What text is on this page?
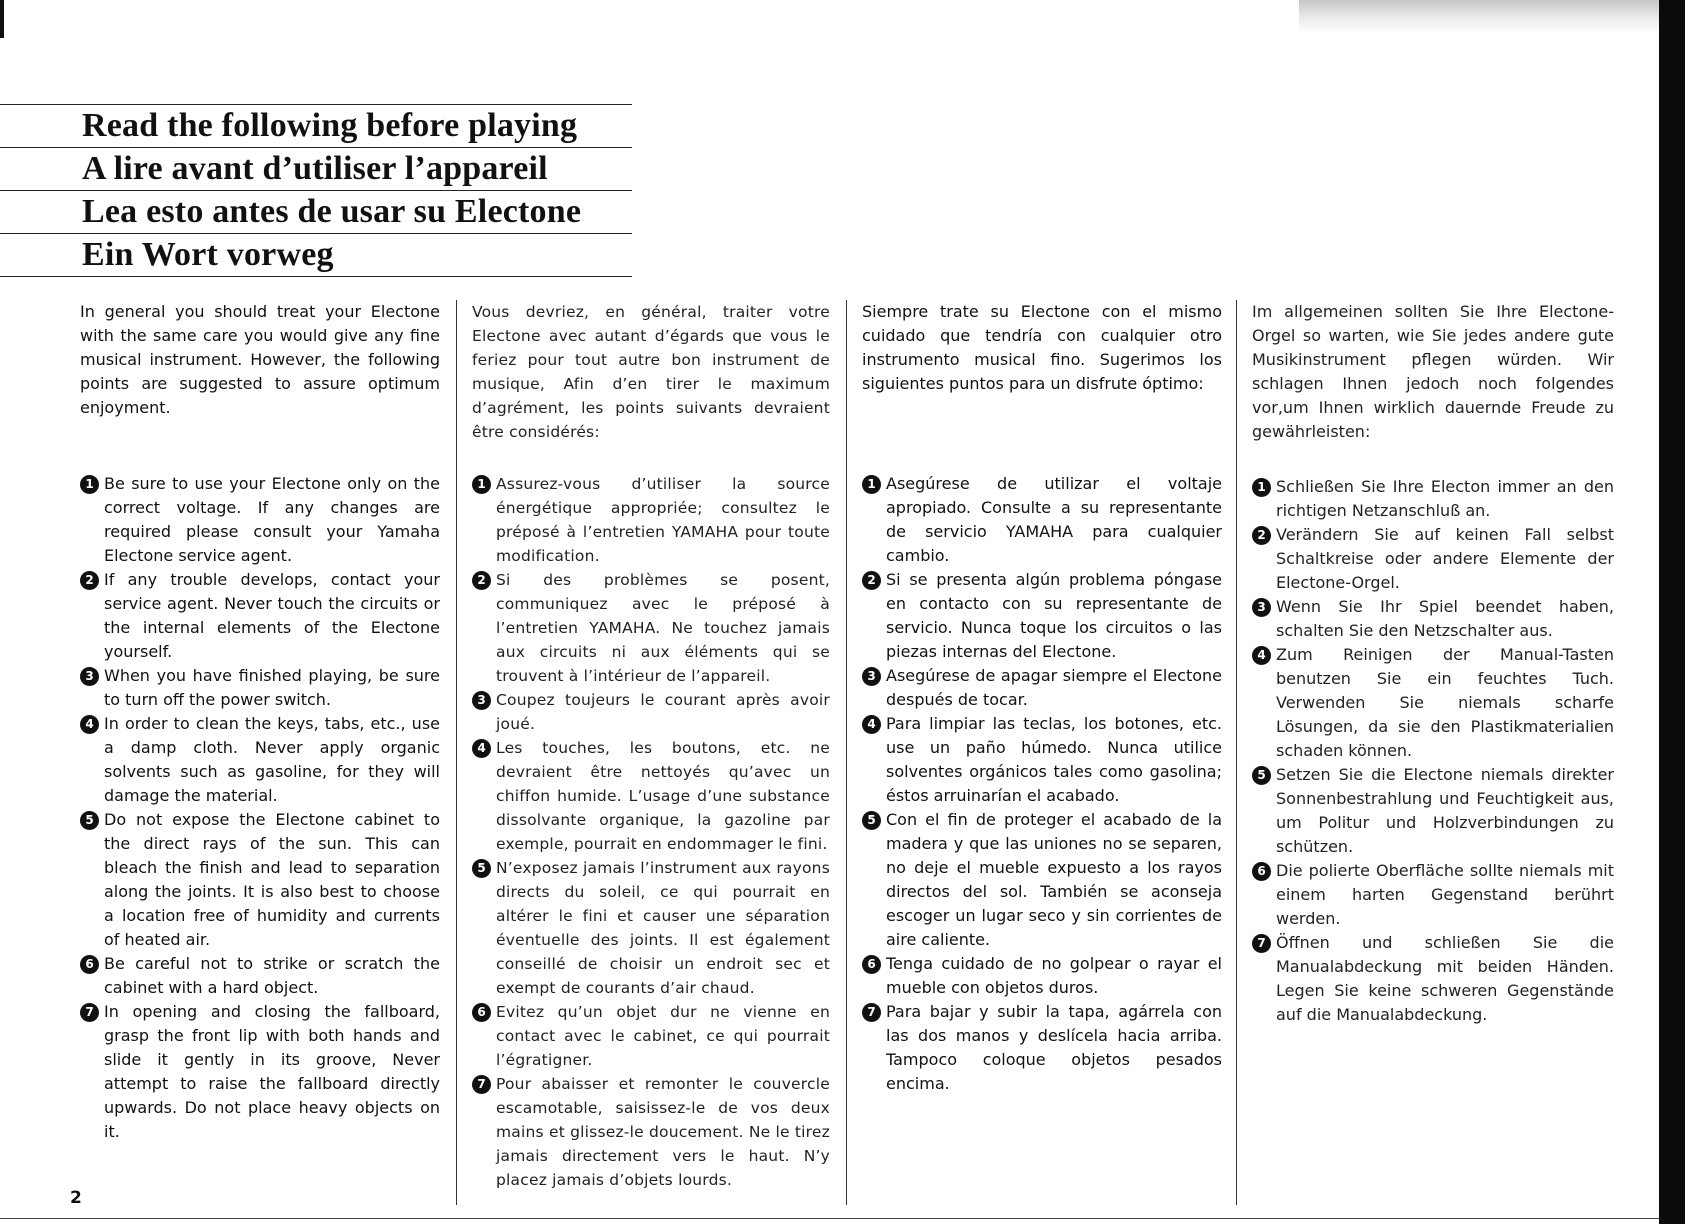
Read the following before playing
A lire avant d’utiliser l’appareil
Lea esto antes de usar su Electone
Ein Wort vorweg

In general you should treat your Electone with the same care you would give any fine musical instrument. However, the following points are suggested to assure optimum enjoyment.

1 Be sure to use your Electone only on the correct voltage. If any changes are required please consult your Yamaha Electone service agent.
2 If any trouble develops, contact your service agent. Never touch the circuits or the internal elements of the Electone yourself.
3 When you have finished playing, be sure to turn off the power switch.
4 In order to clean the keys, tabs, etc., use a damp cloth. Never apply organic solvents such as gasoline, for they will damage the material.
5 Do not expose the Electone cabinet to the direct rays of the sun. This can bleach the finish and lead to separation along the joints. It is also best to choose a location free of humidity and currents of heated air.
6 Be careful not to strike or scratch the cabinet with a hard object.
7 In opening and closing the fallboard, grasp the front lip with both hands and slide it gently in its groove, Never attempt to raise the fallboard directly upwards. Do not place heavy objects on it.

Vous devriez, en général, traiter votre Electone avec autant d’égards que vous le feriez pour tout autre bon instrument de musique, Afin d’en tirer le maximum d’agrément, les points suivants devraient être considérés:

1 Assurez-vous d’utiliser la source énergétique appropriée; consultez le préposé à l’entretien YAMAHA pour toute modification.
2 Si des problèmes se posent, communiquez avec le préposé à l’entretien YAMAHA. Ne touchez jamais aux circuits ni aux éléments qui se trouvent à l’intérieur de l’appareil.
3 Coupez toujeurs le courant après avoir joué.
4 Les touches, les boutons, etc. ne devraient être nettoyés qu’avec un chiffon humide. L’usage d’une substance dissolvante organique, la gazoline par exemple, pourrait en endommager le fini.
5 N’exposez jamais l’instrument aux rayons directs du soleil, ce qui pourrait en altérer le fini et causer une séparation éventuelle des joints. Il est également conseillé de choisir un endroit sec et exempt de courants d’air chaud.
6 Evitez qu’un objet dur ne vienne en contact avec le cabinet, ce qui pourrait l’égratigner.
7 Pour abaisser et remonter le couvercle escamotable, saisissez-le de vos deux mains et glissez-le doucement. Ne le tirez jamais directement vers le haut. N’y placez jamais d’objets lourds.

Siempre trate su Electone con el mismo cuidado que tendría con cualquier otro instrumento musical fino. Sugerimos los siguientes puntos para un disfrute óptimo:

1 Asegúrese de utilizar el voltaje apropiado. Consulte a su representante de servicio YAMAHA para cualquier cambio.
2 Si se presenta algún problema póngase en contacto con su representante de servicio. Nunca toque los circuitos o las piezas internas del Electone.
3 Asegúrese de apagar siempre el Electone después de tocar.
4 Para limpiar las teclas, los botones, etc. use un paño húmedo. Nunca utilice solventes orgánicos tales como gasolina; éstos arruinarían el acabado.
5 Con el fin de proteger el acabado de la madera y que las uniones no se separen, no deje el mueble expuesto a los rayos directos del sol. También se aconseja escoger un lugar seco y sin corrientes de aire caliente.
6 Tenga cuidado de no golpear o rayar el mueble con objetos duros.
7 Para bajar y subir la tapa, agárrela con las dos manos y deslícela hacia arriba. Tampoco coloque objetos pesados encima.

Im allgemeinen sollten Sie Ihre Electone-Orgel so warten, wie Sie jedes andere gute Musikinstrument pflegen würden. Wir schlagen Ihnen jedoch noch folgendes vor,um Ihnen wirklich dauernde Freude zu gewährleisten:

1 Schließen Sie Ihre Electon immer an den richtigen Netzanschluß an.
2 Verändern Sie auf keinen Fall selbst Schaltkreise oder andere Elemente der Electone-Orgel.
3 Wenn Sie Ihr Spiel beendet haben, schalten Sie den Netzschalter aus.
4 Zum Reinigen der Manual-Tasten benutzen Sie ein feuchtes Tuch. Verwenden Sie niemals scharfe Lösungen, da sie den Plastikmaterialien schaden können.
5 Setzen Sie die Electone niemals direkter Sonnenbestrahlung und Feuchtigkeit aus, um Politur und Holzverbindungen zu schützen.
6 Die polierte Oberfläche sollte niemals mit einem harten Gegenstand berührt werden.
7 Öffnen und schließen Sie die Manualabdeckung mit beiden Händen. Legen Sie keine schweren Gegenstände auf die Manualabdeckung.
2
